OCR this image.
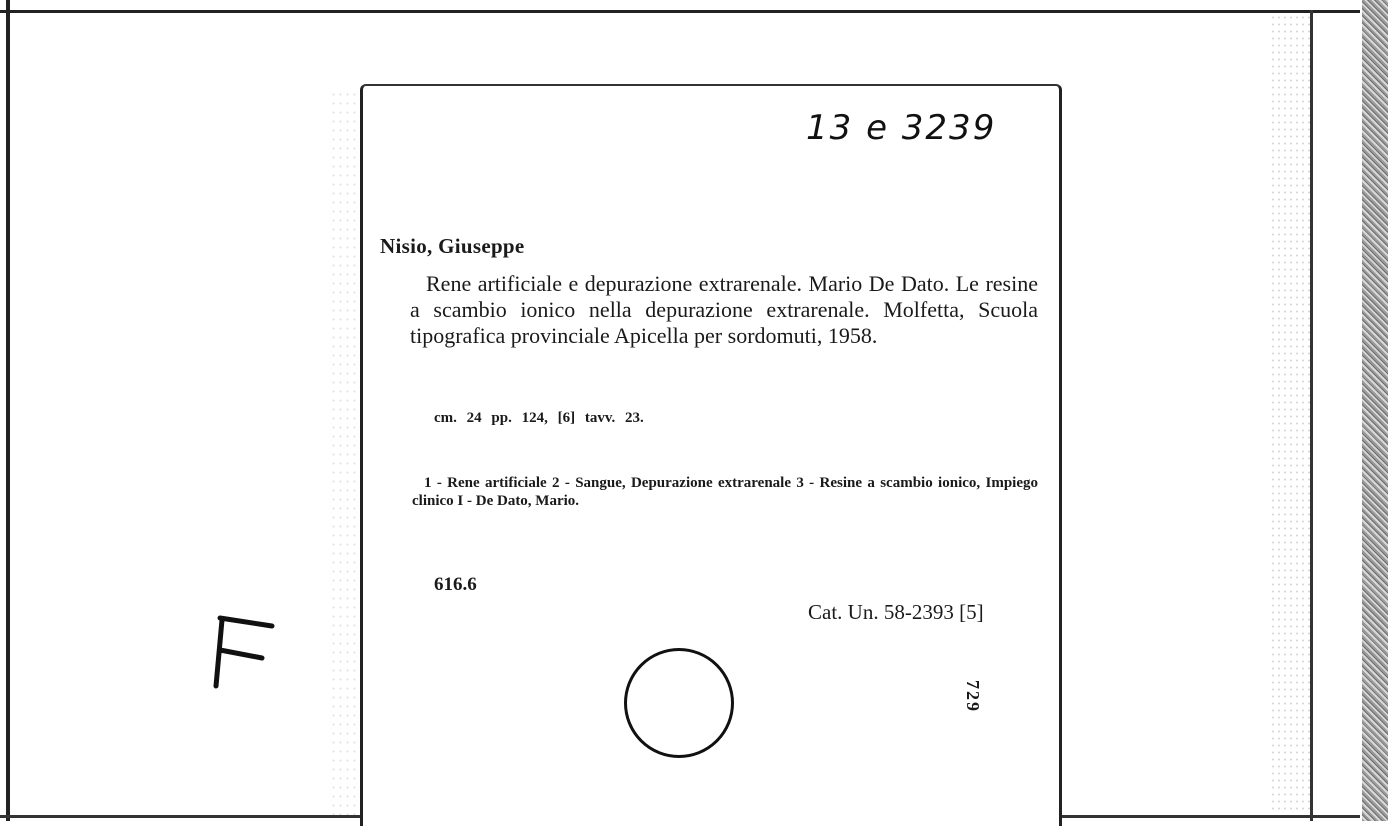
13 e 3239
Nisio, Giuseppe

Rene artificiale e depurazione extrarenale. Mario De Dato. Le resine a scambio ionico nella depurazione extrarenale. Molfetta, Scuola tipografica provinciale Apicella per sordomuti, 1958.

cm. 24 pp. 124, [6] tavv. 23.

1 - Rene artificiale 2 - Sangue, Depurazione extrarenale 3 - Resine a scambio ionico, Impiego clinico I - De Dato, Mario.

616.6
Cat. Un. 58-2393 [5]
729
